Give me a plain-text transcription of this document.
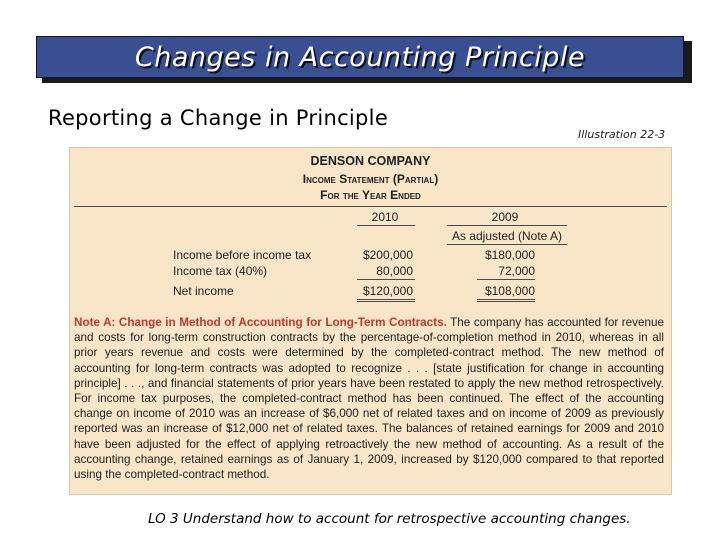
Changes in Accounting Principle
Reporting a Change in Principle
Illustration 22-3
DENSON COMPANY
Income Statement (Partial)
For the Year Ended
2010	2009
As adjusted (Note A)
Income before income tax	$200,000	$180,000
Income tax (40%)	80,000	72,000
Net income	$120,000	$108,000
Note A: Change in Method of Accounting for Long-Term Contracts. The company has accounted for revenue and costs for long-term construction contracts by the percentage-of-completion method in 2010, whereas in all prior years revenue and costs were determined by the completed-contract method. The new method of accounting for long-term contracts was adopted to recognize . . . [state justification for change in accounting principle] . . ., and financial statements of prior years have been restated to apply the new method retrospectively. For income tax purposes, the completed-contract method has been continued. The effect of the accounting change on income of 2010 was an increase of $6,000 net of related taxes and on income of 2009 as previously reported was an increase of $12,000 net of related taxes. The balances of retained earnings for 2009 and 2010 have been adjusted for the effect of applying retroactively the new method of accounting. As a result of the accounting change, retained earnings as of January 1, 2009, increased by $120,000 compared to that reported using the completed-contract method.
LO 3 Understand how to account for retrospective accounting changes.
